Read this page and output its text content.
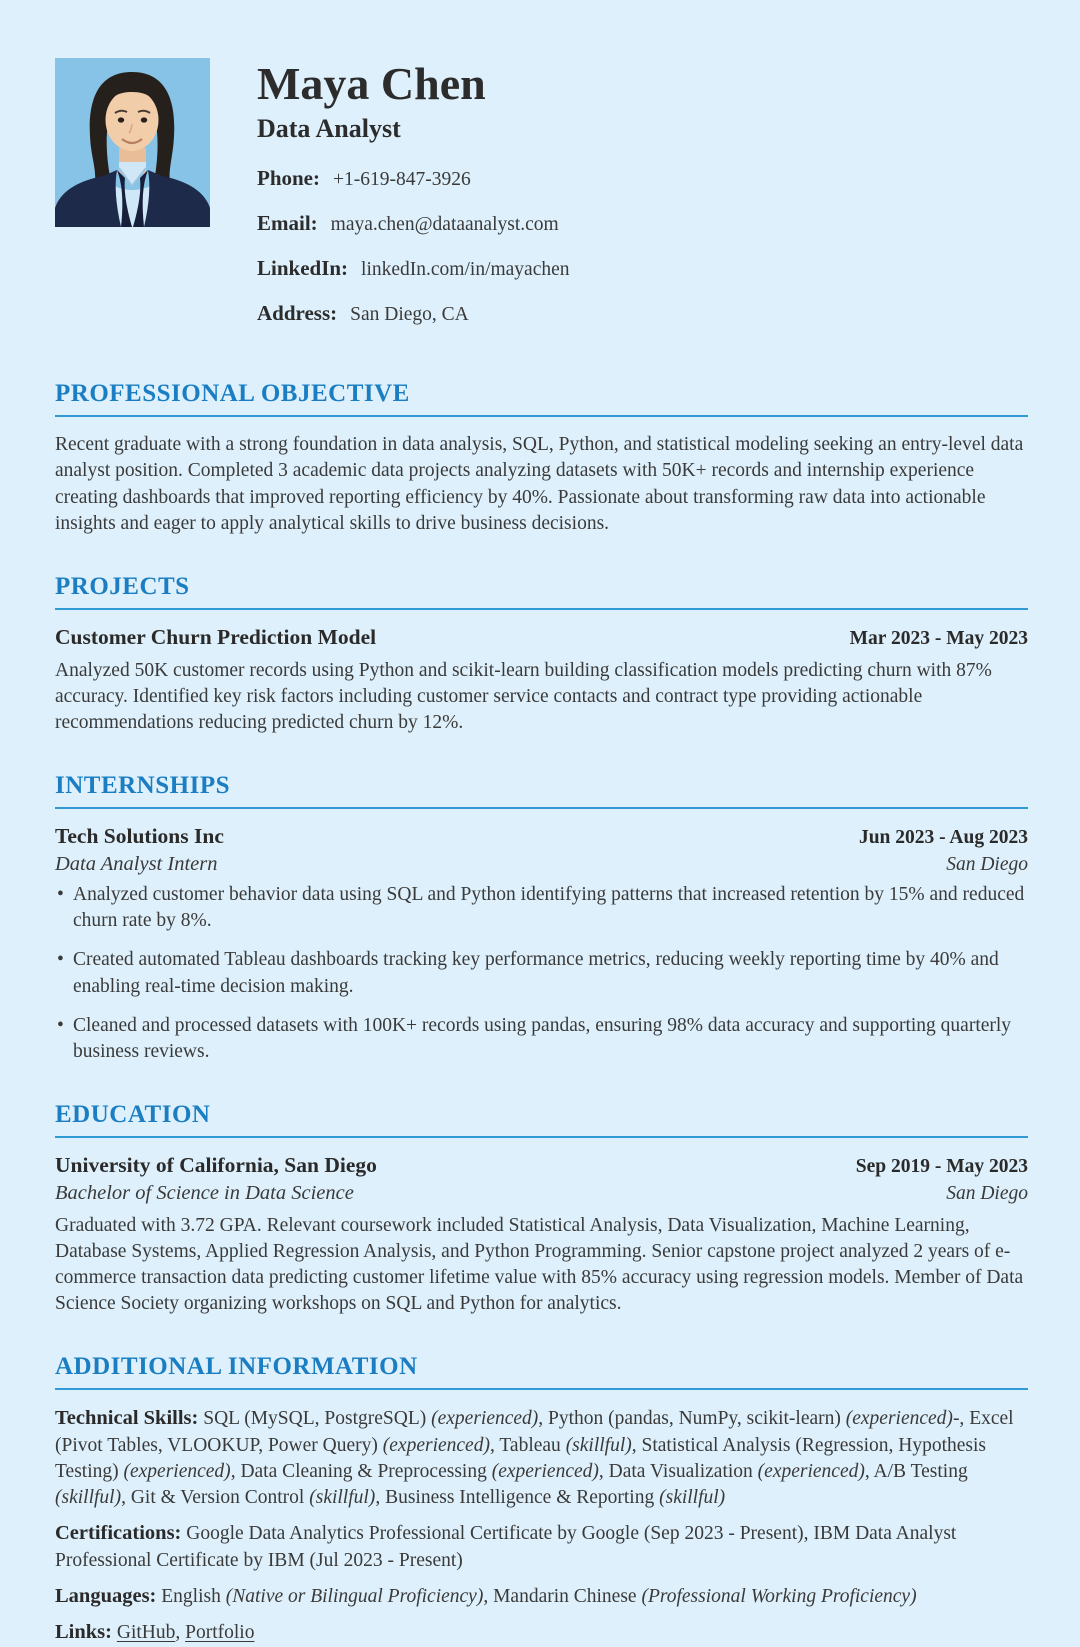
Maya Chen
Data Analyst
Phone: +1-619-847-3926
Email: maya.chen@dataanalyst.com
LinkedIn: linkedIn.com/in/mayachen
Address: San Diego, CA
PROFESSIONAL OBJECTIVE

Recent graduate with a strong foundation in data analysis, SQL, Python, and statistical modeling seeking an entry-level data analyst position. Completed 3 academic data projects analyzing datasets with 50K+ records and internship experience creating dashboards that improved reporting efficiency by 40%. Passionate about transforming raw data into actionable insights and eager to apply analytical skills to drive business decisions.

PROJECTS
Customer Churn Prediction Model	Mar 2023 - May 2023

Analyzed 50K customer records using Python and scikit-learn building classification models predicting churn with 87% accuracy. Identified key risk factors including customer service contacts and contract type providing actionable recommendations reducing predicted churn by 12%.

INTERNSHIPS
Tech Solutions Inc	Jun 2023 - Aug 2023
Data Analyst Intern	San Diego
• Analyzed customer behavior data using SQL and Python identifying patterns that increased retention by 15% and reduced churn rate by 8%.
• Created automated Tableau dashboards tracking key performance metrics, reducing weekly reporting time by 40% and enabling real-time decision making.
• Cleaned and processed datasets with 100K+ records using pandas, ensuring 98% data accuracy and supporting quarterly business reviews.
EDUCATION
University of California, San Diego	Sep 2019 - May 2023
Bachelor of Science in Data Science	San Diego

Graduated with 3.72 GPA. Relevant coursework included Statistical Analysis, Data Visualization, Machine Learning, Database Systems, Applied Regression Analysis, and Python Programming. Senior capstone project analyzed 2 years of e-commerce transaction data predicting customer lifetime value with 85% accuracy using regression models. Member of Data Science Society organizing workshops on SQL and Python for analytics.

ADDITIONAL INFORMATION

Technical Skills: SQL (MySQL, PostgreSQL) (experienced), Python (pandas, NumPy, scikit-learn) (experienced)-, Excel (Pivot Tables, VLOOKUP, Power Query) (experienced), Tableau (skillful), Statistical Analysis (Regression, Hypothesis Testing) (experienced), Data Cleaning & Preprocessing (experienced), Data Visualization (experienced), A/B Testing (skillful), Git & Version Control (skillful), Business Intelligence & Reporting (skillful)

Certifications: Google Data Analytics Professional Certificate by Google (Sep 2023 - Present), IBM Data Analyst Professional Certificate by IBM (Jul 2023 - Present)

Languages: English (Native or Bilingual Proficiency), Mandarin Chinese (Professional Working Proficiency)

Links: GitHub, Portfolio
